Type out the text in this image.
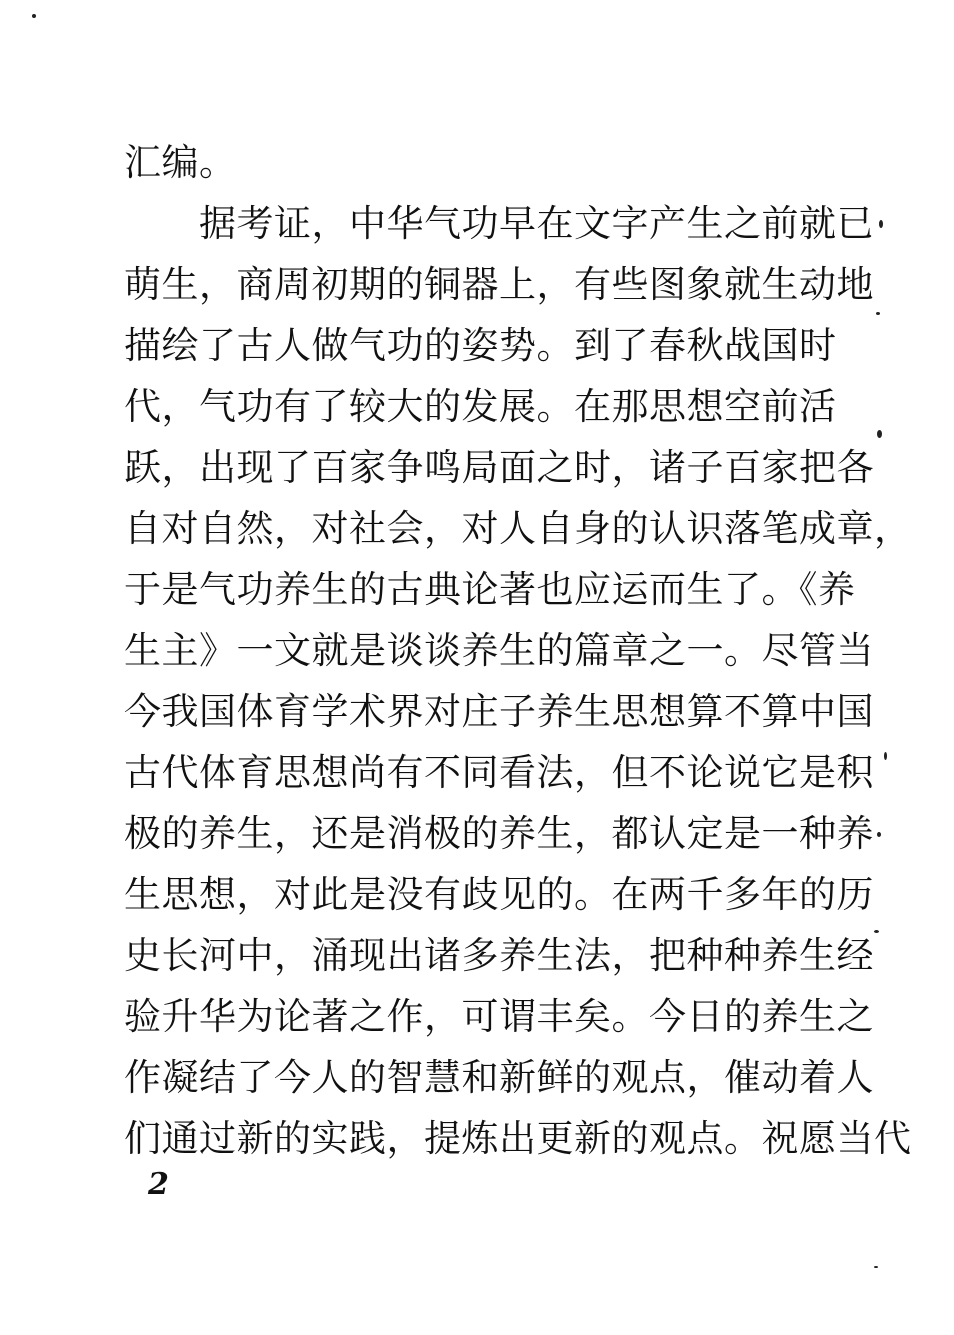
汇编。
　　据考证，中华气功早在文字产生之前就已
萌生，商周初期的铜器上，有些图象就生动地
描绘了古人做气功的姿势。到了春秋战国时
代，气功有了较大的发展。在那思想空前活
跃，出现了百家争鸣局面之时，诸子百家把各
自对自然，对社会，对人自身的认识落笔成章，
于是气功养生的古典论著也应运而生了。《养
生主》一文就是谈谈养生的篇章之一。尽管当
今我国体育学术界对庄子养生思想算不算中国
古代体育思想尚有不同看法，但不论说它是积
极的养生，还是消极的养生，都认定是一种养
生思想，对此是没有歧见的。在两千多年的历
史长河中，涌现出诸多养生法，把种种养生经
验升华为论著之作，可谓丰矣。今日的养生之
作凝结了今人的智慧和新鲜的观点，催动着人
们通过新的实践，提炼出更新的观点。祝愿当代
2
